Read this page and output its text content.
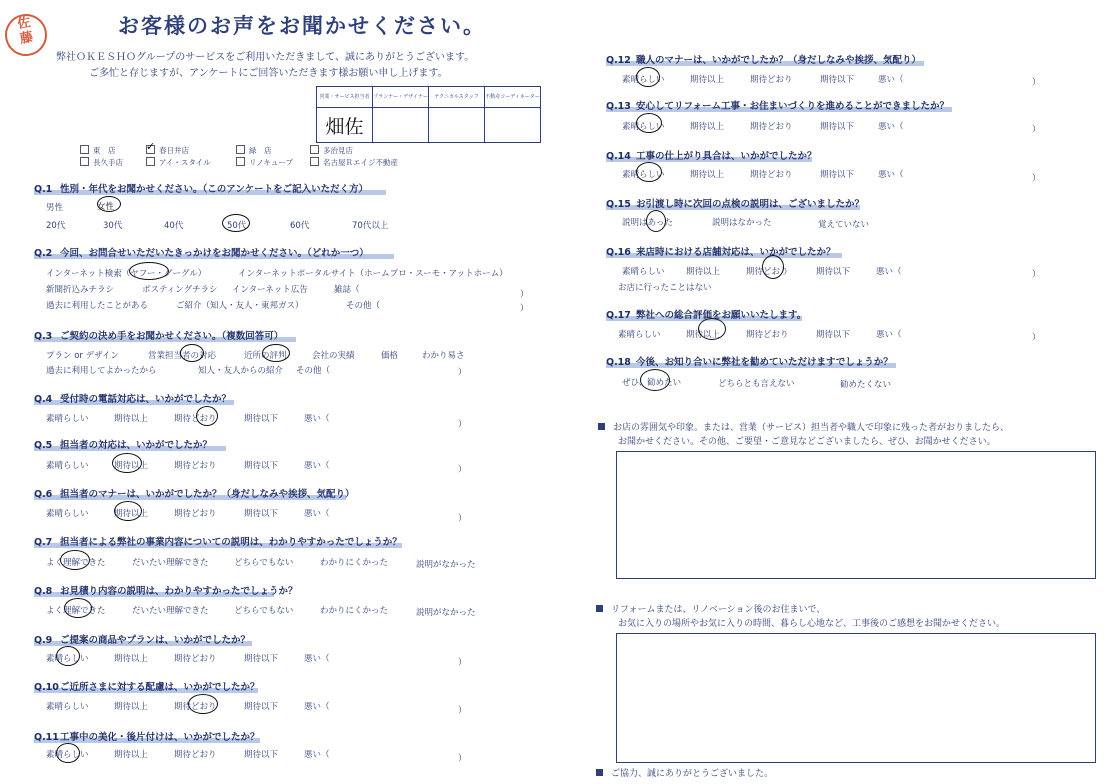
佐
藤
お客様のお声をお聞かせください。
弊社ＯＫＥＳＨＯグループのサービスをご利用いただきまして、誠にありがとうございます。
ご多忙と存じますが、アンケートにご回答いただきます様お願い申し上げます。
営業・サービス担当者	プランナー・デザイナー	テクニカルスタッフ	不動産コーディネーター
畑佐			
東　店	✓ 春日井店	緑　店	多治見店
長久手店	アイ・スタイル	リノキューブ	名古屋Ｒエイジ不動産
Q.1 性別・年代をお聞かせください。（このアンケートをご記入いただく方）
男性	女性
20代	30代	40代	50代	60代	70代以上
Q.2 今回、お問合せいただいたきっかけをお聞かせください。（どれか一つ）
インターネット検索（ヤフー・グーグル）	インターネットポータルサイト（ホームプロ・スーモ・アットホーム）
新聞折込みチラシ	ポスティングチラシ インターネット広告	雑誌（	）
過去に利用したことがある	ご紹介（知人・友人・東邦ガス）	その他（	）
Q.3 ご契約の決め手をお聞かせください。（複数回答可）
プラン or デザイン	営業担当者の対応	近所の評判	会社の実績	価格	わかり易さ
過去に利用してよかったから	知人・友人からの紹介 その他（	）
Q.4 受付時の電話対応は、いかがでしたか？
素晴らしい	期待以上	期待どおり	期待以下	悪い（
）
Q.5 担当者の対応は、いかがでしたか？
素晴らしい	期待以上	期待どおり	期待以下	悪い（	）
Q.6 担当者のマナーは、いかがでしたか？（身だしなみや挨拶、気配り）
素晴らしい	期待以上	期待どおり	期待以下	悪い（	）
Q.7 担当者による弊社の事業内容についての説明は、わかりやすかったでしょうか？
よく理解できた	だいたい理解できた	どちらでもない	わかりにくかった	説明がなかった
Q.8 お見積り内容の説明は、わかりやすかったでしょうか？
よく理解できた	だいたい理解できた	どちらでもない	わかりにくかった	説明がなかった
Q.9 ご提案の商品やプランは、いかがでしたか？
素晴らしい	期待以上	期待どおり	期待以下	悪い（	）
Q.10ご近所さまに対する配慮は、いかがでしたか？
素晴らしい	期待以上	期待どおり	期待以下	悪い（	）
Q.11工事中の美化・後片付けは、いかがでしたか？
素晴らしい	期待以上	期待どおり	期待以下	悪い（	）
Q.12 職人のマナーは、いかがでしたか？（身だしなみや挨拶、気配り）
素晴らしい	期待以上	期待どおり	期待以下	悪い（	）
Q.13 安心してリフォーム工事・お住まいづくりを進めることができましたか？
素晴らしい	期待以上	期待どおり	期待以下	悪い（	）
Q.14 工事の仕上がり具合は、いかがでしたか？
素晴らしい	期待以上	期待どおり	期待以下	悪い（	）
Q.15 お引渡し時に次回の点検の説明は、ございましたか？
説明はあった	説明はなかった	覚えていない
Q.16 来店時における店舗対応は、いかがでしたか？
素晴らしい	期待以上	期待どおり	期待以下	悪い（	）
お店に行ったことはない
Q.17 弊社への総合評価をお願いいたします。
素晴らしい	期待以上	期待どおり	期待以下	悪い（	）
Q.18 今後、お知り合いに弊社を勧めていただけますでしょうか？
ぜひ、勧めたい	どちらとも言えない	勧めたくない
お店の雰囲気や印象。または、営業（サービス）担当者や職人で印象に残った者がおりましたら、
お聞かせください。その他、ご要望・ご意見などございましたら、ぜひ、お聞かせください。
リフォームまたは、リノベーション後のお住まいで、
お気に入りの場所やお気に入りの時間、暮らし心地など、工事後のご感想をお聞かせください。
ご協力、誠にありがとうございました。
